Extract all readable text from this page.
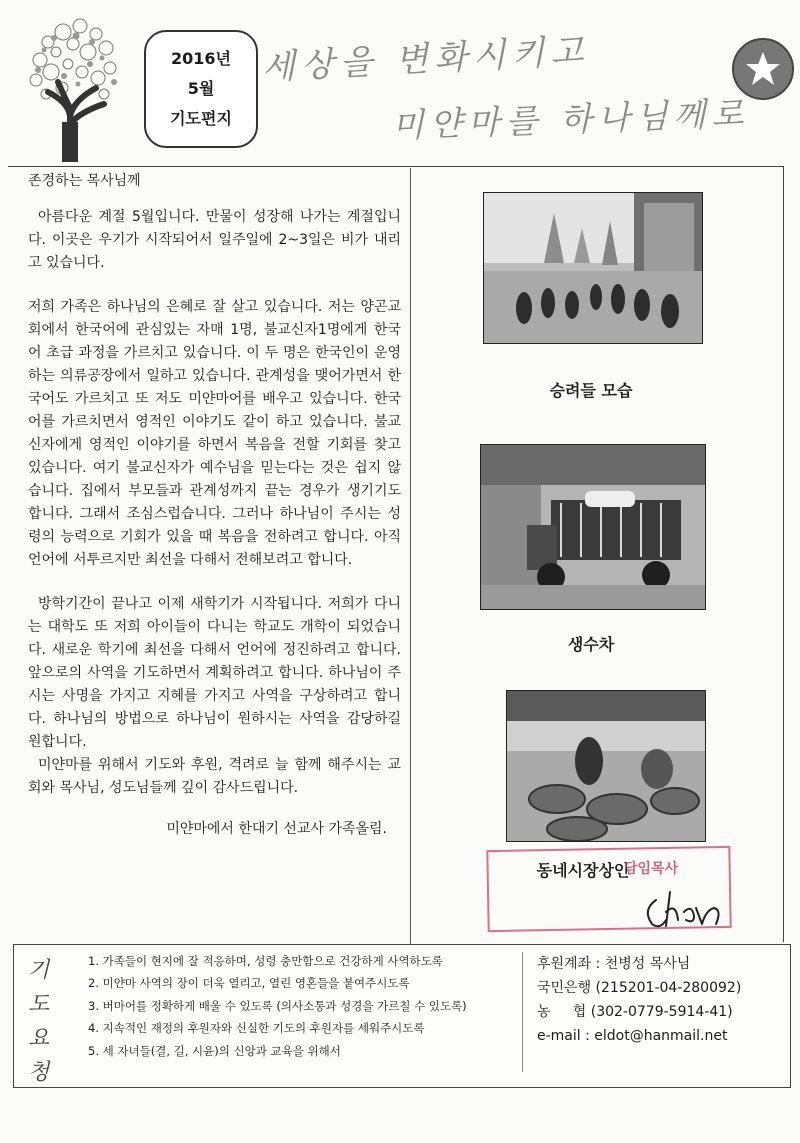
2016년
5월
기도편지
세상을 변화시키고
미얀마를 하나님께로

존경하는 목사님께

아름다운 계절 5월입니다. 만물이 성장해 나가는 계절입니다. 이곳은 우기가 시작되어서 일주일에 2~3일은 비가 내리고 있습니다.

저희 가족은 하나님의 은혜로 잘 살고 있습니다. 저는 양곤교회에서 한국어에 관심있는 자매 1명, 불교신자1명에게 한국어 초급 과정을 가르치고 있습니다. 이 두 명은 한국인이 운영하는 의류공장에서 일하고 있습니다. 관계성을 맺어가면서 한국어도 가르치고 또 저도 미얀마어를 배우고 있습니다. 한국어를 가르치면서 영적인 이야기도 같이 하고 있습니다. 불교 신자에게 영적인 이야기를 하면서 복음을 전할 기회를 찾고 있습니다. 여기 불교신자가 예수님을 믿는다는 것은 쉽지 않습니다. 집에서 부모들과 관계성까지 끝는 경우가 생기기도 합니다. 그래서 조심스럽습니다. 그러나 하나님이 주시는 성령의 능력으로 기회가 있을 때 복음을 전하려고 합니다. 아직 언어에 서투르지만 최선을 다해서 전해보려고 합니다.

방학기간이 끝나고 이제 새학기가 시작됩니다. 저희가 다니는 대학도 또 저희 아이들이 다니는 학교도 개학이 되었습니다. 새로운 학기에 최선을 다해서 언어에 정진하려고 합니다. 앞으로의 사역을 기도하면서 계획하려고 합니다. 하나님이 주시는 사명을 가지고 지혜를 가지고 사역을 구상하려고 합니다. 하나님의 방법으로 하나님이 원하시는 사역을 감당하길 원합니다.

미얀마를 위해서 기도와 후원, 격려로 늘 함께 해주시는 교회와 목사님, 성도님들께 깊이 감사드립니다.

미얀마에서 한대기 선교사 가족올림.

승려들 모습
생수차
동네시장상인
담임목사
기도
요청
1. 가족들이 현지에 잘 적응하며, 성령 충만함으로 건강하게 사역하도록
2. 미얀마 사역의 장이 더욱 열리고, 열린 영혼들을 붙여주시도록
3. 버마어를 정확하게 배울 수 있도록 (의사소통과 성경을 가르칠 수 있도록)
4. 지속적인 재정의 후원자와 신실한 기도의 후원자를 세워주시도록
5. 세 자녀들(결, 길, 시윤)의 신앙과 교육을 위해서
후원계좌 : 천병성 목사님
국민은행 (215201-04-280092)
농     협 (302-0779-5914-41)
e-mail : eldot@hanmail.net
